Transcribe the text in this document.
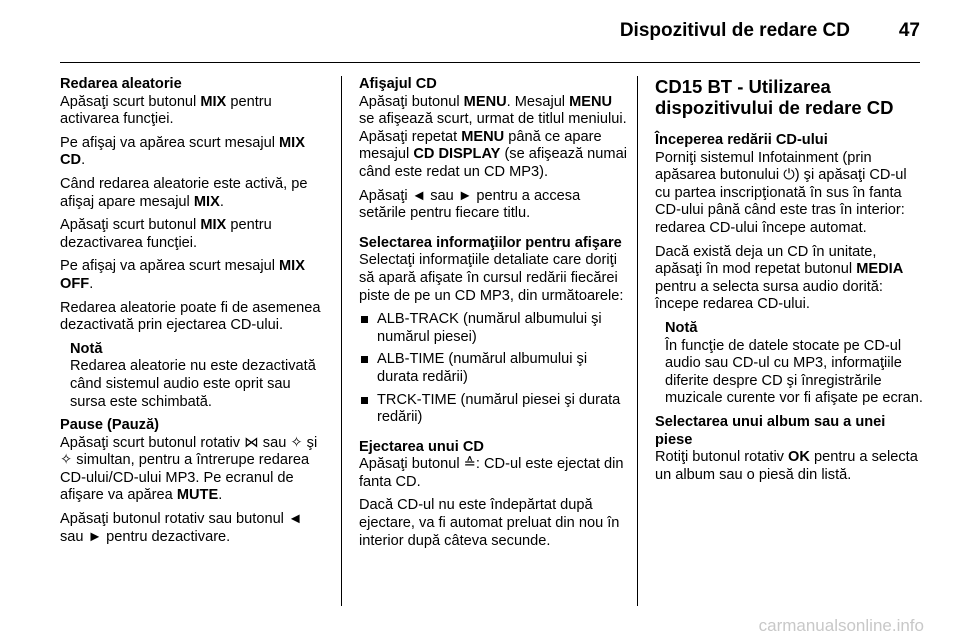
Dispozitivul de redare CD	47

Redarea aleatorie

Apăsaţi scurt butonul MIX pentru activarea funcţiei.

Pe afişaj va apărea scurt mesajul MIX CD.

Când redarea aleatorie este activă, pe afişaj apare mesajul MIX.

Apăsaţi scurt butonul MIX pentru dezactivarea funcţiei.

Pe afişaj va apărea scurt mesajul MIX OFF.

Redarea aleatorie poate fi de asemenea dezactivată prin ejectarea CD-ului.

Notă
Redarea aleatorie nu este dezactivată când sistemul audio este oprit sau sursa este schimbată.

Pause (Pauză)

Apăsaţi scurt butonul rotativ ⋈ sau ✧ şi ✧ simultan, pentru a întrerupe redarea CD-ului/CD-ului MP3. Pe ecranul de afişare va apărea MUTE.

Apăsaţi butonul rotativ sau butonul ◄ sau ► pentru dezactivare.

Afişajul CD

Apăsaţi butonul MENU. Mesajul MENU se afişează scurt, urmat de titlul meniului. Apăsaţi repetat MENU până ce apare mesajul CD DISPLAY (se afişează numai când este redat un CD MP3).

Apăsaţi ◄ sau ► pentru a accesa setările pentru fiecare titlu.

Selectarea informaţiilor pentru afişare

Selectaţi informaţiile detaliate care doriţi să apară afişate în cursul redării fiecărei piste de pe un CD MP3, din următoarele:

ALB-TRACK (numărul albumului şi numărul piesei)
ALB-TIME (numărul albumului şi durata redării)
TRCK-TIME (numărul piesei şi durata redării)

Ejectarea unui CD

Apăsaţi butonul ≙: CD-ul este ejectat din fanta CD.

Dacă CD-ul nu este îndepărtat după ejectare, va fi automat preluat din nou în interior după câteva secunde.

CD15 BT - Utilizarea dispozitivului de redare CD

Începerea redării CD-ului

Porniţi sistemul Infotainment (prin apăsarea butonului ⏻) şi apăsaţi CD-ul cu partea inscripţionată în sus în fanta CD-ului până când este tras în interior: redarea CD-ului începe automat.

Dacă există deja un CD în unitate, apăsaţi în mod repetat butonul MEDIA pentru a selecta sursa audio dorită: începe redarea CD-ului.

Notă
În funcţie de datele stocate pe CD-ul audio sau CD-ul cu MP3, informaţiile diferite despre CD şi înregistrările muzicale curente vor fi afişate pe ecran.

Selectarea unui album sau a unei piese

Rotiţi butonul rotativ OK pentru a selecta un album sau o piesă din listă.

carmanualsonline.info
